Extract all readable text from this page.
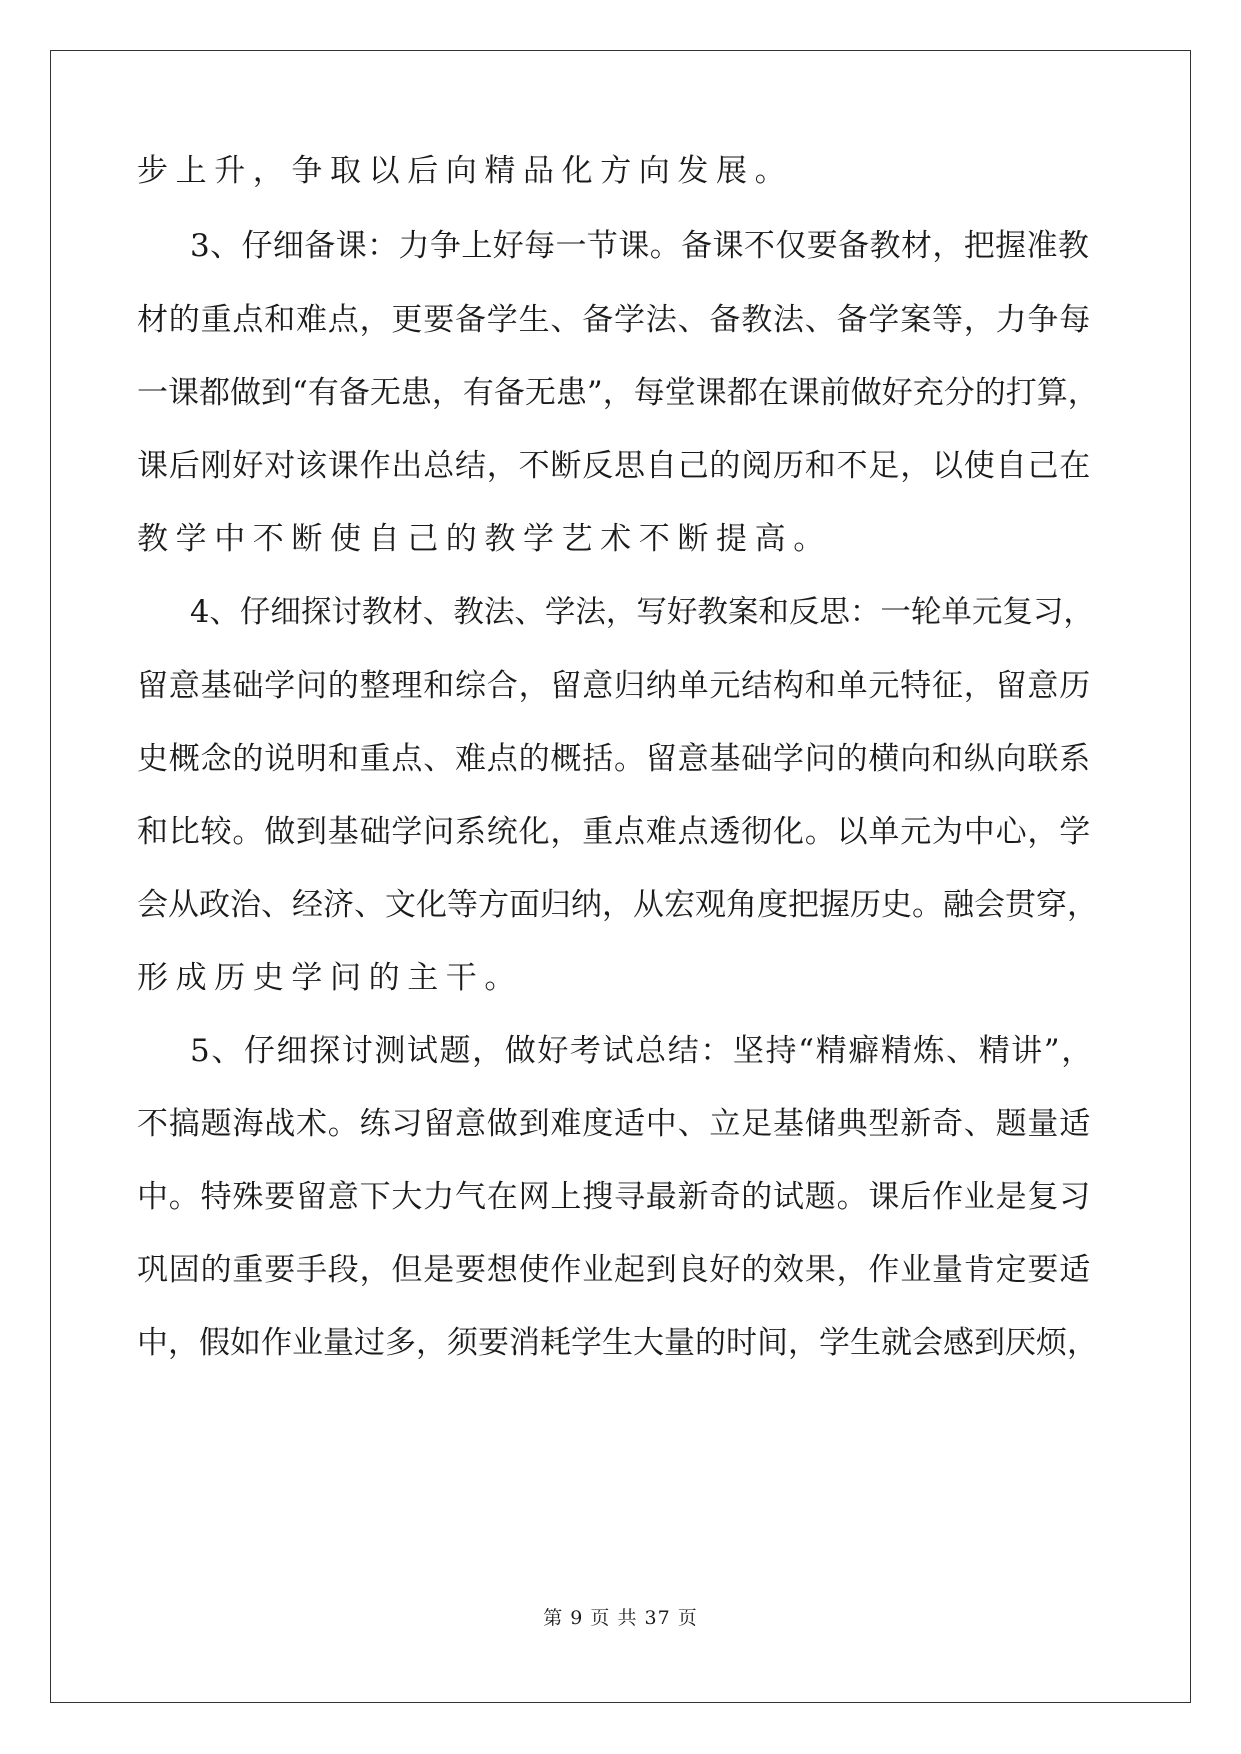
步上升，争取以后向精品化方向发展。
3、仔细备课：力争上好每一节课。备课不仅要备教材，把握准教
材的重点和难点，更要备学生、备学法、备教法、备学案等，力争每
一课都做到“有备无患，有备无患”，每堂课都在课前做好充分的打算，
课后刚好对该课作出总结，不断反思自己的阅历和不足，以使自己在
教学中不断使自己的教学艺术不断提高。
4、仔细探讨教材、教法、学法，写好教案和反思：一轮单元复习，
留意基础学问的整理和综合，留意归纳单元结构和单元特征，留意历
史概念的说明和重点、难点的概括。留意基础学问的横向和纵向联系
和比较。做到基础学问系统化，重点难点透彻化。以单元为中心，学
会从政治、经济、文化等方面归纳，从宏观角度把握历史。融会贯穿，
形成历史学问的主干。
5、仔细探讨测试题，做好考试总结：坚持“精癖精炼、精讲”，
不搞题海战术。练习留意做到难度适中、立足基储典型新奇、题量适
中。特殊要留意下大力气在网上搜寻最新奇的试题。课后作业是复习
巩固的重要手段，但是要想使作业起到良好的效果，作业量肯定要适
中，假如作业量过多，须要消耗学生大量的时间，学生就会感到厌烦，
第 9 页 共 37 页
